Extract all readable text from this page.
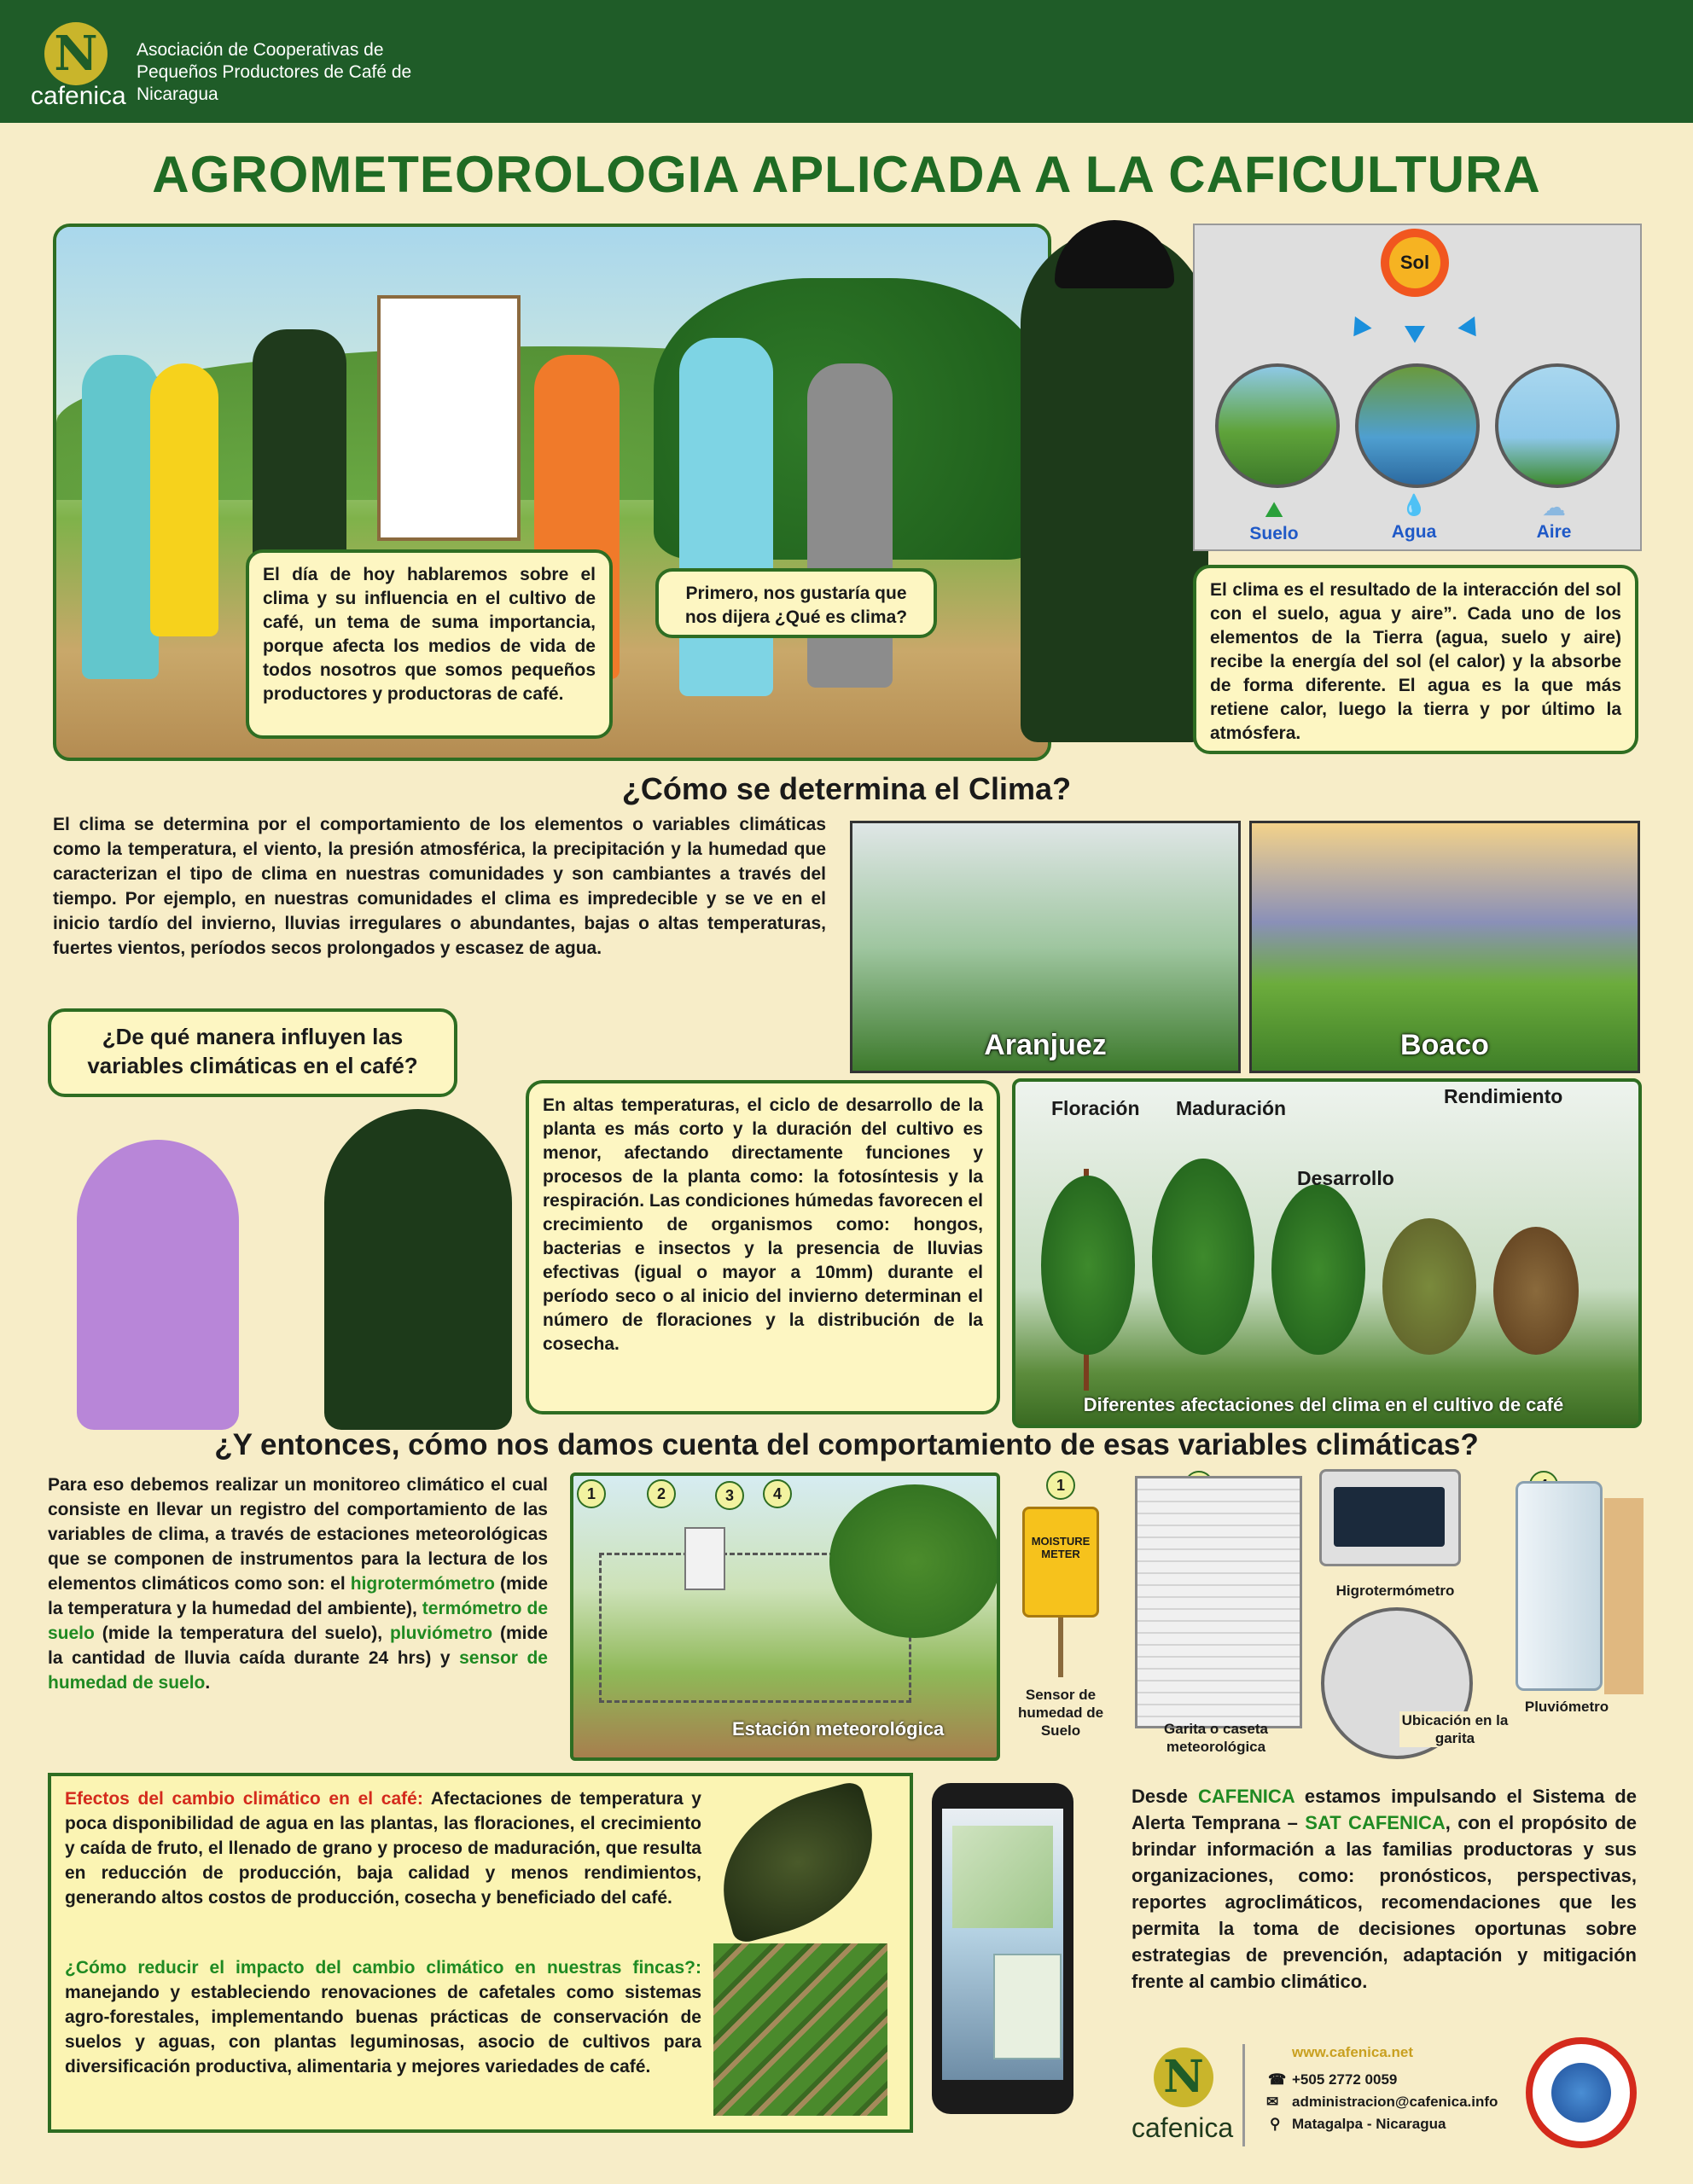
N
cafenica
Asociación de Cooperativas de Pequeños Productores de Café de Nicaragua
AGROMETEOROLOGIA APLICADA A LA CAFICULTURA
El día de hoy hablaremos sobre el clima y su influencia en el cultivo de café, un tema de suma importancia, porque afecta los medios de vida de todos nosotros que somos pequeños productores y productoras de café.
Primero, nos gustaría que nos dijera ¿Qué es clima?
Sol
⛰	💧	☁
Suelo	Agua	Aire
El clima es el resultado de la interacción del sol con el suelo, agua y aire”. Cada uno de los elementos de la Tierra (agua, suelo y aire) recibe la energía del sol (el calor) y la absorbe de forma diferente. El agua es la que más retiene calor, luego la tierra y por último la atmósfera.
¿Cómo se determina el Clima?
El clima se determina por el comportamiento de los elementos o variables climáticas como la temperatura, el viento, la presión atmosférica, la precipitación y la humedad que caracterizan el tipo de clima en nuestras comunidades y son cambiantes a través del tiempo. Por ejemplo, en nuestras comunidades el clima es impredecible y se ve en el inicio tardío del invierno, lluvias irregulares o abundantes, bajas o altas temperaturas, fuertes vientos, períodos secos prolongados y escasez de agua.
Aranjuez	Boaco
¿De qué manera influyen las variables climáticas en el café?
En altas temperaturas, el ciclo de desarrollo de la planta es más corto y la duración del cultivo es menor, afectando directamente funciones y procesos de la planta como: la fotosíntesis y la respiración. Las condiciones húmedas favorecen el crecimiento de organismos como: hongos, bacterias e insectos y la presencia de lluvias efectivas (igual o mayor a 10mm) durante el período seco o al inicio del invierno determinan el número de floraciones y la distribución de la cosecha.
Floración Maduración
Rendimiento
Desarrollo
Diferentes afectaciones del clima en el cultivo de café
¿Y entonces, cómo nos damos cuenta del comportamiento de esas variables climáticas?
Para eso debemos realizar un monitoreo climático el cual consiste en llevar un registro del comportamiento de las variables de clima, a través de estaciones meteorológicas que se componen de instrumentos para la lectura de los elementos climáticos como son: el higrotermómetro (mide la temperatura y la humedad del ambiente), termómetro de suelo (mide la temperatura del suelo), pluviómetro (mide la cantidad de lluvia caída durante 24 hrs) y sensor de humedad de suelo.
1	2	3	4
Estación meteorológica
1
MOISTURE METER
Sensor de humedad de Suelo	Garita o caseta meteorológica
Higrotermómetro
Ubicación en la garita
Pluviómetro
Efectos del cambio climático en el café: Afectaciones de temperatura y poca disponibilidad de agua en las plantas, las floraciones, el crecimiento y caída de fruto, el llenado de grano y proceso de maduración, que resulta en reducción de producción, baja calidad y menos rendimientos, generando altos costos de producción, cosecha y beneficiado del café.
¿Cómo reducir el impacto del cambio climático en nuestras fincas?: manejando y estableciendo renovaciones de cafetales como sistemas agro-forestales, implementando buenas prácticas de conservación de suelos y aguas, con plantas leguminosas, asocio de cultivos para diversificación productiva, alimentaria y mejores variedades de café.
Desde CAFENICA estamos impulsando el Sistema de Alerta Temprana – SAT CAFENICA, con el propósito de brindar información a las familias productoras y sus organizaciones, como: pronósticos, perspectivas, reportes agroclimáticos, recomendaciones que les permita la toma de decisiones oportunas sobre estrategias de prevención, adaptación y mitigación frente al cambio climático.
N
cafenica
www.cafenica.net
☎ +505 2772 0059
✉ administracion@cafenica.info
⚲ Matagalpa - Nicaragua
